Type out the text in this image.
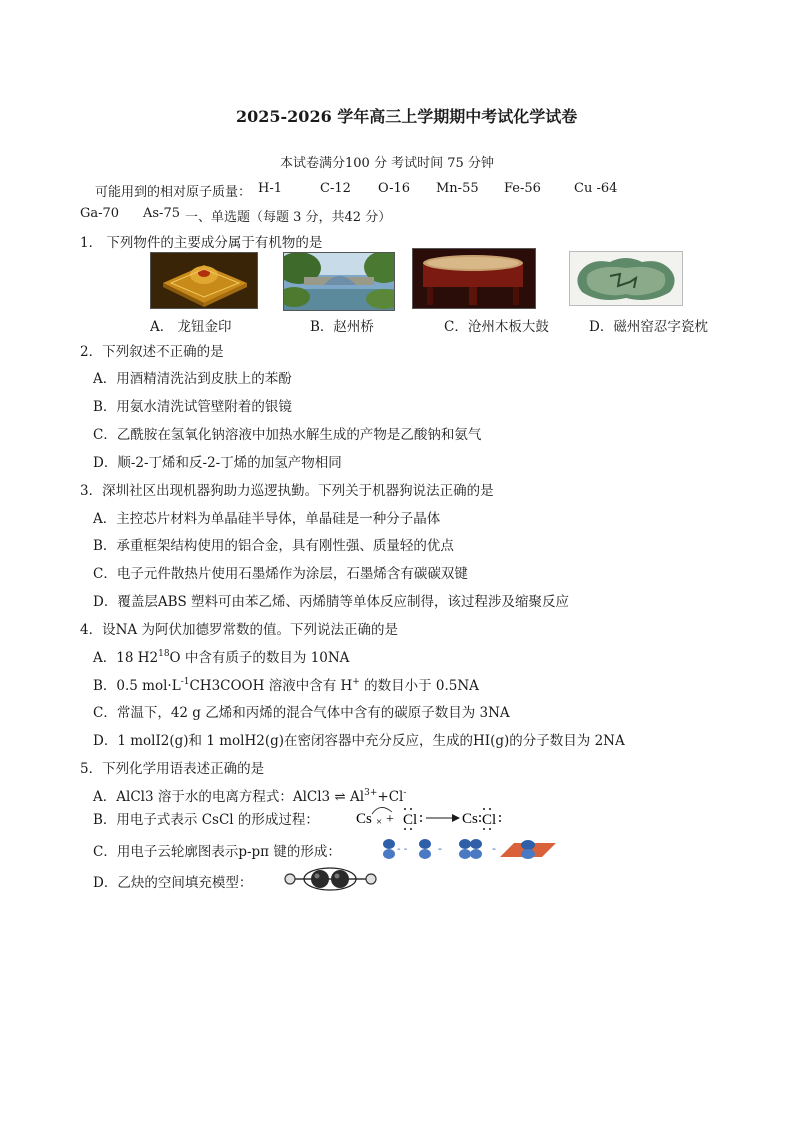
2025-2026 学年高三上学期期中考试化学试卷
本试卷满分100 分 考试时间 75 分钟
可能用到的相对原子质量： H-1	C-12 O-16 Mn-55 Fe-56	Cu -64
Ga-70 As-75 一、单选题（每题 3 分，共42 分）
1． 下列物件的主要成分属于有机物的是
A． 龙钮金印	B．赵州桥	C．沧州木板大鼓	D．磁州窑忍字瓷枕
2．下列叙述不正确的是
A．用酒精清洗沾到皮肤上的苯酚
B．用氨水清洗试管壁附着的银镜
C．乙酰胺在氢氧化钠溶液中加热水解生成的产物是乙酸钠和氨气
D．顺-2-丁烯和反-2-丁烯的加氢产物相同
3．深圳社区出现机器狗助力巡逻执勤。下列关于机器狗说法正确的是
A．主控芯片材料为单晶硅半导体，单晶硅是一种分子晶体
B．承重框架结构使用的铝合金，具有刚性强、质量轻的优点
C．电子元件散热片使用石墨烯作为涂层，石墨烯含有碳碳双键
D．覆盖层ABS 塑料可由苯乙烯、丙烯腈等单体反应制得，该过程涉及缩聚反应
4．设NA 为阿伏加德罗常数的值。下列说法正确的是
A．18 $H2^{18}O$ 中含有质子的数目为 10NA
B．0.5 $mol\cdot L^{-1}CH3COOH$ 溶液中含有 H+ 的数目小于 0.5NA
C．常温下，42 g 乙烯和丙烯的混合气体中含有的碳原子数目为 3NA
D．1 molI2(g)和 1 molH2(g)在密闭容器中充分反应，生成的HI(g)的分子数目为 2NA
5．下列化学用语表述正确的是
A．AlCl3 溶于水的电离方程式：AlCl3 ⇌ $Al^{3+}+Cl^-$
B．用电子式表示 CsCl 的形成过程： Cs × + Cl	Cs Cl
C．用电子云轮廓图表示p-pπ 键的形成：	- -	-	-
D．乙炔的空间填充模型：
